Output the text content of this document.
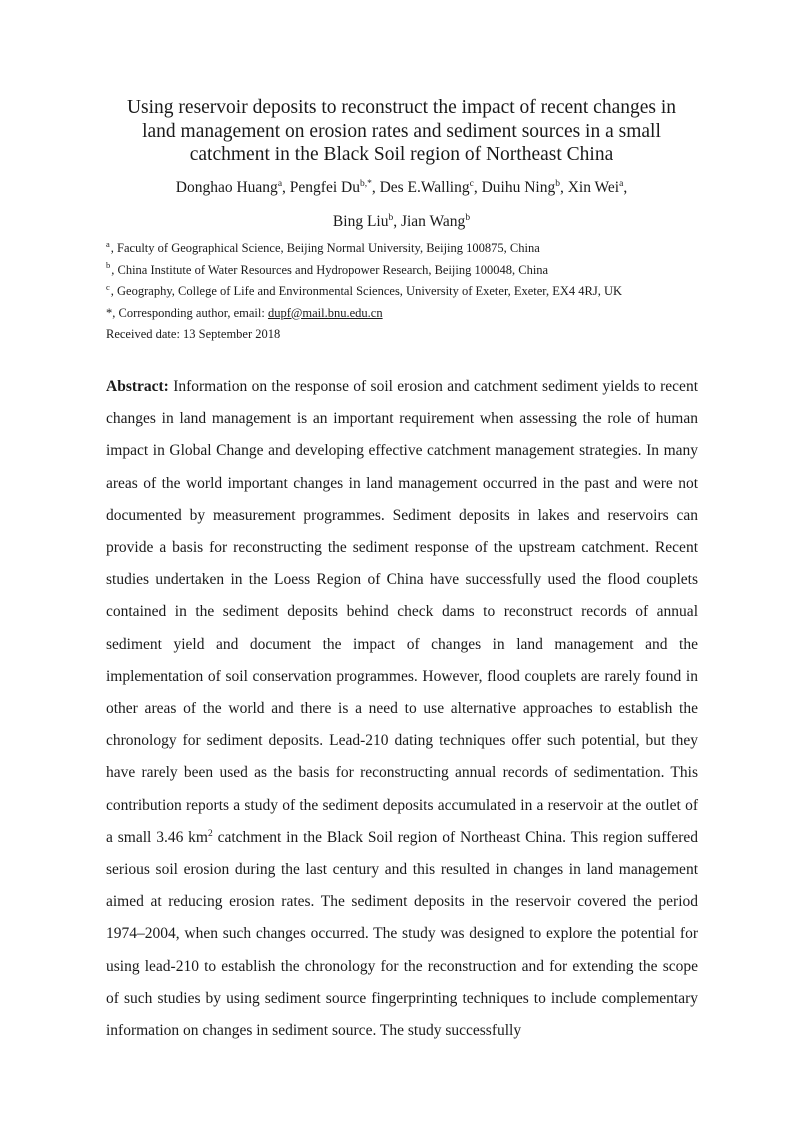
Using reservoir deposits to reconstruct the impact of recent changes in
land management on erosion rates and sediment sources in a small
catchment in the Black Soil region of Northeast China
Donghao Huang$^a$, Pengfei $Du^{b,*}$, Des E.Walling$^c$, Duihu Ning$^b$, Xin Wei$^a$,
Bing Liu$^b$, Jian Wang$^b$
$^a$, Faculty of Geographical Science, Beijing Normal University, Beijing 100875, China
$^b$, China Institute of Water Resources and Hydropower Research, Beijing 100048, China
$^c$, Geography, College of Life and Environmental Sciences, University of Exeter, Exeter, EX4 4RJ, UK
*, Corresponding author, email: dupf@mail.bnu.edu.cn
Received date: 13 September 2018

Abstract: Information on the response of soil erosion and catchment sediment yields to recent changes in land management is an important requirement when assessing the role of human impact in Global Change and developing effective catchment management strategies. In many areas of the world important changes in land management occurred in the past and were not documented by measurement programmes. Sediment deposits in lakes and reservoirs can provide a basis for reconstructing the sediment response of the upstream catchment. Recent studies undertaken in the Loess Region of China have successfully used the flood couplets contained in the sediment deposits behind check dams to reconstruct records of annual sediment yield and document the impact of changes in land management and the implementation of soil conservation programmes. However, flood couplets are rarely found in other areas of the world and there is a need to use alternative approaches to establish the chronology for sediment deposits. Lead-210 dating techniques offer such potential, but they have rarely been used as the basis for reconstructing annual records of sedimentation. This contribution reports a study of the sediment deposits accumulated in a reservoir at the outlet of a small 3.46 $km^2$ catchment in the Black Soil region of Northeast China. This region suffered serious soil erosion during the last century and this resulted in changes in land management aimed at reducing erosion rates. The sediment deposits in the reservoir covered the period 1974–2004, when such changes occurred. The study was designed to explore the potential for using lead-210 to establish the chronology for the reconstruction and for extending the scope of such studies by using sediment source fingerprinting techniques to include complementary information on changes in sediment source. The study successfully
